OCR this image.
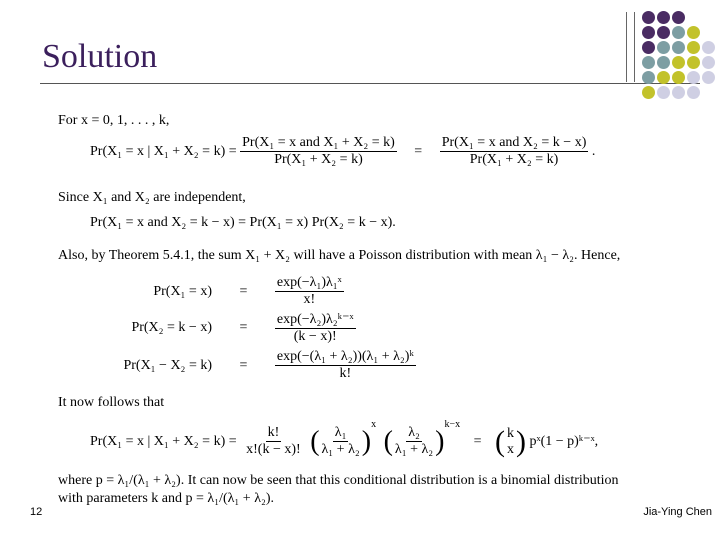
Solution
For x = 0, 1, . . . , k,
Pr(X₁ = x | $X_1 + X_2 = k) = \frac{\text{Pr(X₁ = x and X₁ + X₂ = k)}}{\text{Pr(X₁ + X₂ = k)}} = \frac{\text{Pr(X₁ = x and X₂ = k − x)}}{\text{Pr(X₁ + X₂ = k)}}$ .
Since X₁ and X₂ are independent,
Pr(X₁ = x and X₂ = k − x) = Pr(X₁ = x) Pr(X₂ = k − x).
Also, by Theorem 5.4.1, the sum X₁ + X₂ will have a Poisson distribution with mean λ₁ − λ₂. Hence,
$Pr(X_1 = x) = \frac{\text{exp(−λ₁)λ₁ˣ}}{x!}$
$Pr(X_2 = k - x) = \frac{\text{exp(−λ₂)λ₂ᵏ⁻ˣ}}{(k - x)!}$
$Pr(X_1 - X_2 = k) = \frac{\text{exp(−(λ₁ + λ₂))(λ₁ + λ₂)ᵏ}}{k!}$
It now follows that
Pr(X₁ = x | $X_1 + X_2 = k) = \frac{k!}{x!(k - x)!}$ ( $\frac{\text{λ₁}}{\text{λ₁ + λ₂}} )^x$ ( $\frac{\text{λ₂}}{\text{λ₁ + λ₂}} )^{k-x}$ = ( k
x ) pˣ(1 − p)ᵏ⁻ˣ,
where p = λ₁/(λ₁ + λ₂). It can now be seen that this conditional distribution is a binomial distribution
with parameters k and p = λ₁/(λ₁ + λ₂).
12	Jia-Ying Chen
